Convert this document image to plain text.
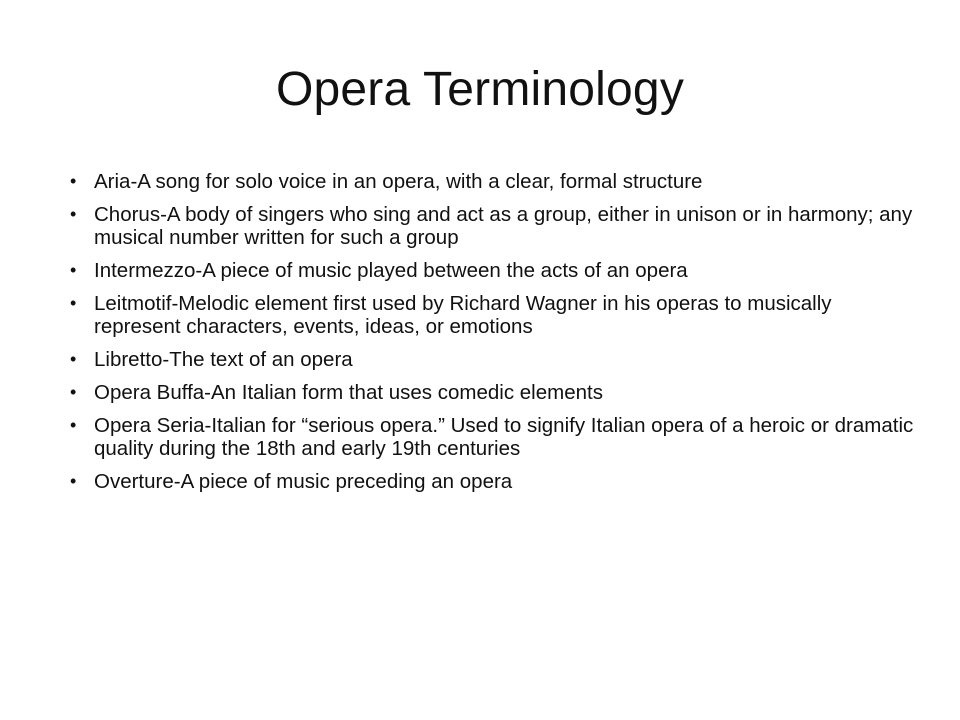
Opera Terminology
• Aria-A song for solo voice in an opera, with a clear, formal structure
• Chorus-A body of singers who sing and act as a group, either in unison or in harmony; any musical number written for such a group
• Intermezzo-A piece of music played between the acts of an opera
• Leitmotif-Melodic element first used by Richard Wagner in his operas to musically represent characters, events, ideas, or emotions
• Libretto-The text of an opera
• Opera Buffa-An Italian form that uses comedic elements
• Opera Seria-Italian for “serious opera.” Used to signify Italian opera of a heroic or dramatic quality during the 18th and early 19th centuries
• Overture-A piece of music preceding an opera
